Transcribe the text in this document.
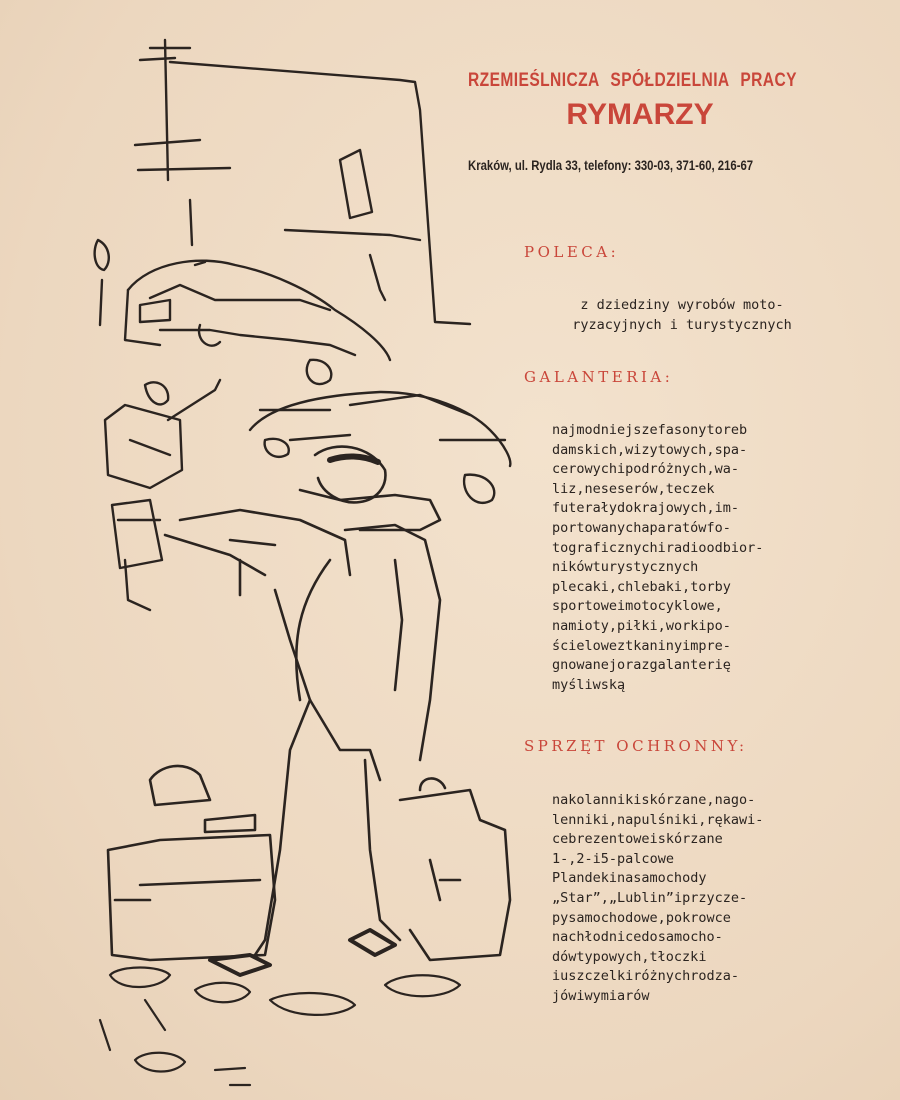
RZEMIEŚLNICZA SPÓŁDZIELNIA PRACY
RYMARZY
Kraków, ul. Rydla 33, telefony: 330-03, 371-60, 216-67
POLECA:
z dziedziny wyrobów moto-
ryzacyjnych i turystycznych
GALANTERIA:
najmodniejszefasonytoreb
damskich,wizytowych,spa-
cerowychipodróżnych,wa-
liz,neseserów,teczek
futerałydokrajowych,im-
portowanychaparatówfo-
tograficznychiradioodbior-
nikówturystycznych
plecaki,chlebaki,torby
sportoweimotocyklowe,
namioty,piłki,workipo-
ścieloweztkaninyimpre-
gnowanejorazgalanterię
myśliwską
SPRZĘT OCHRONNY:
nakolannikiskórzane,nago-
lenniki,napulśniki,rękawi-
cebrezentoweiskórzane
1-,2-i5-palcowe
Plandekinasamochody
„Star”,„Lublin”iprzycze-
pysamochodowe,pokrowce
nachłodnicedosamochο-
dówtypowych,tłoczki
iuszczelkiróżnychrodza-
jówiwymiarów
